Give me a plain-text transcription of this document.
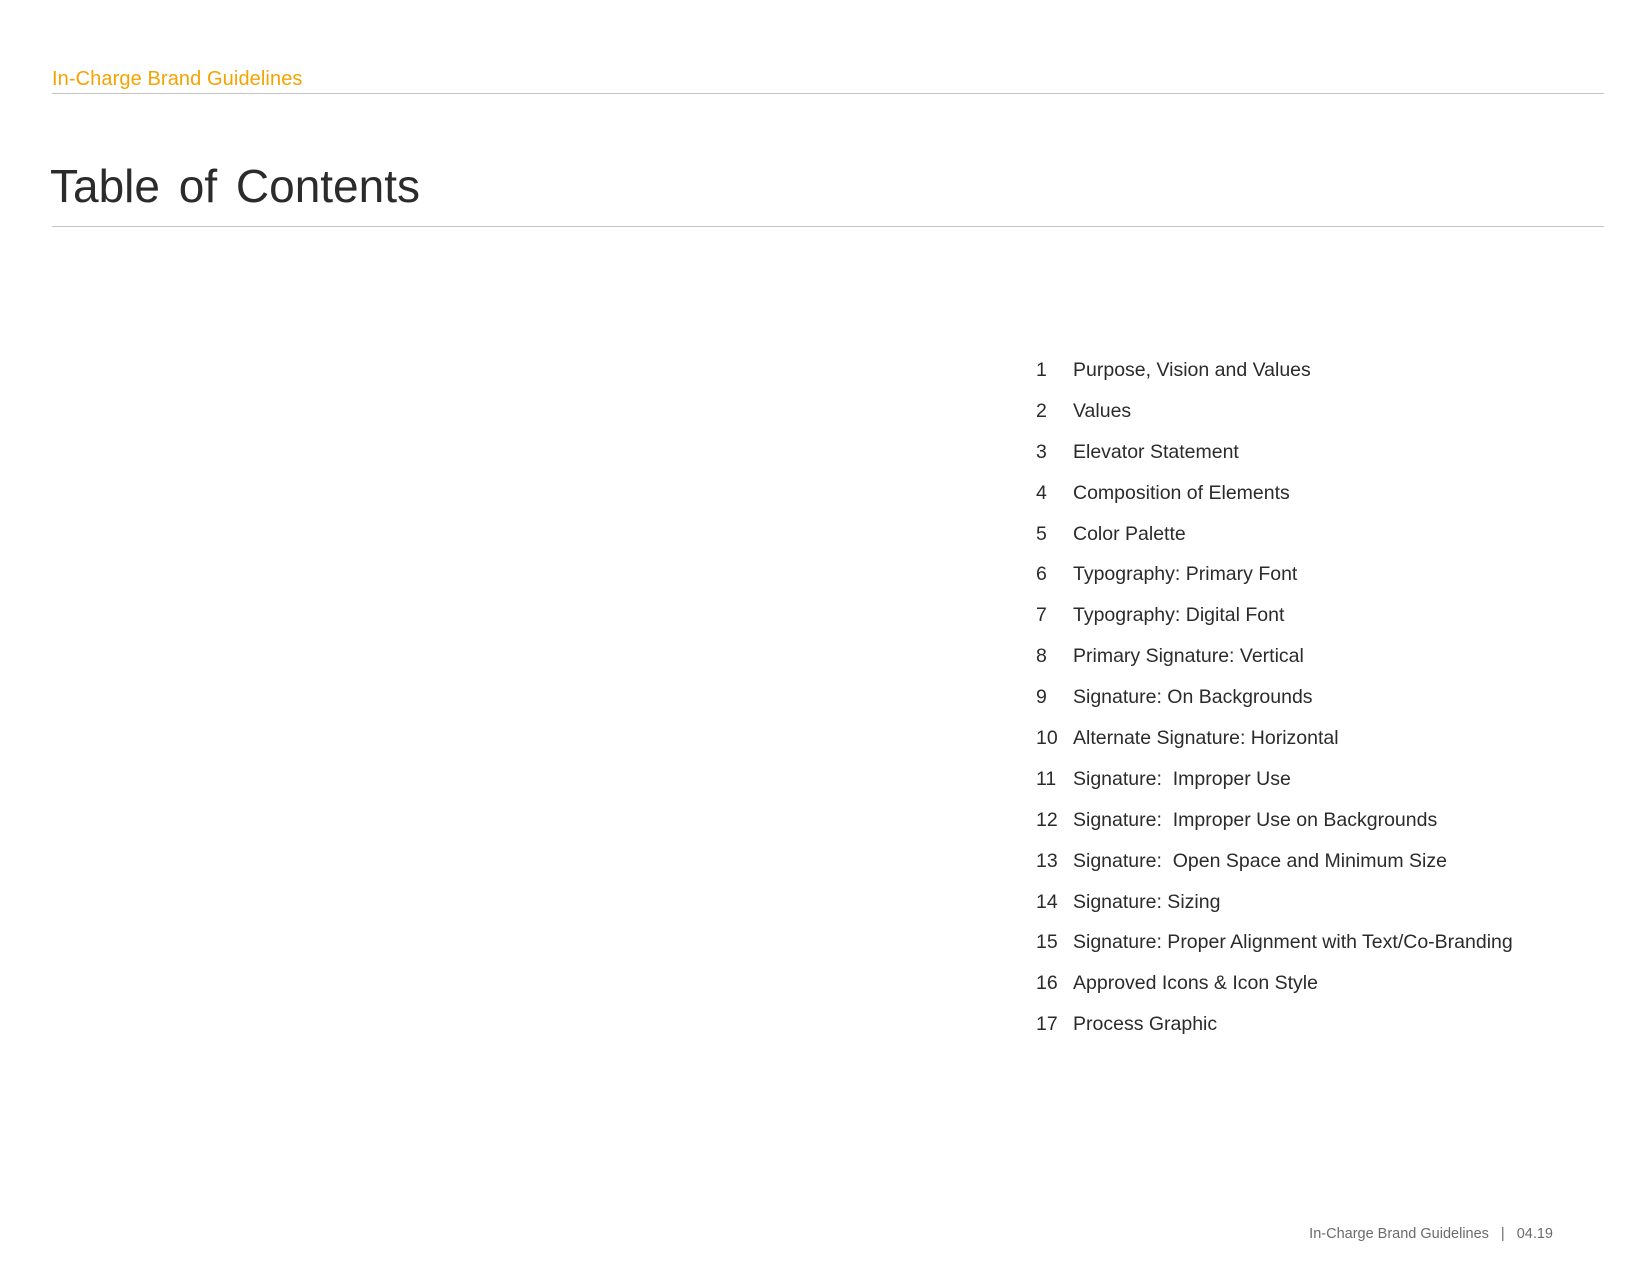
In-Charge Brand Guidelines
Table of Contents
1	Purpose, Vision and Values
2	Values
3	Elevator Statement
4	Composition of Elements
5	Color Palette
6	Typography: Primary Font
7	Typography: Digital Font
8	Primary Signature: Vertical
9	Signature: On Backgrounds
10 Alternate Signature: Horizontal
11 Signature:  Improper Use
12 Signature:  Improper Use on Backgrounds
13 Signature:  Open Space and Minimum Size
14 Signature: Sizing
15 Signature: Proper Alignment with Text/Co-Branding
16 Approved Icons & Icon Style
17 Process Graphic
In-Charge Brand Guidelines | 04.19
